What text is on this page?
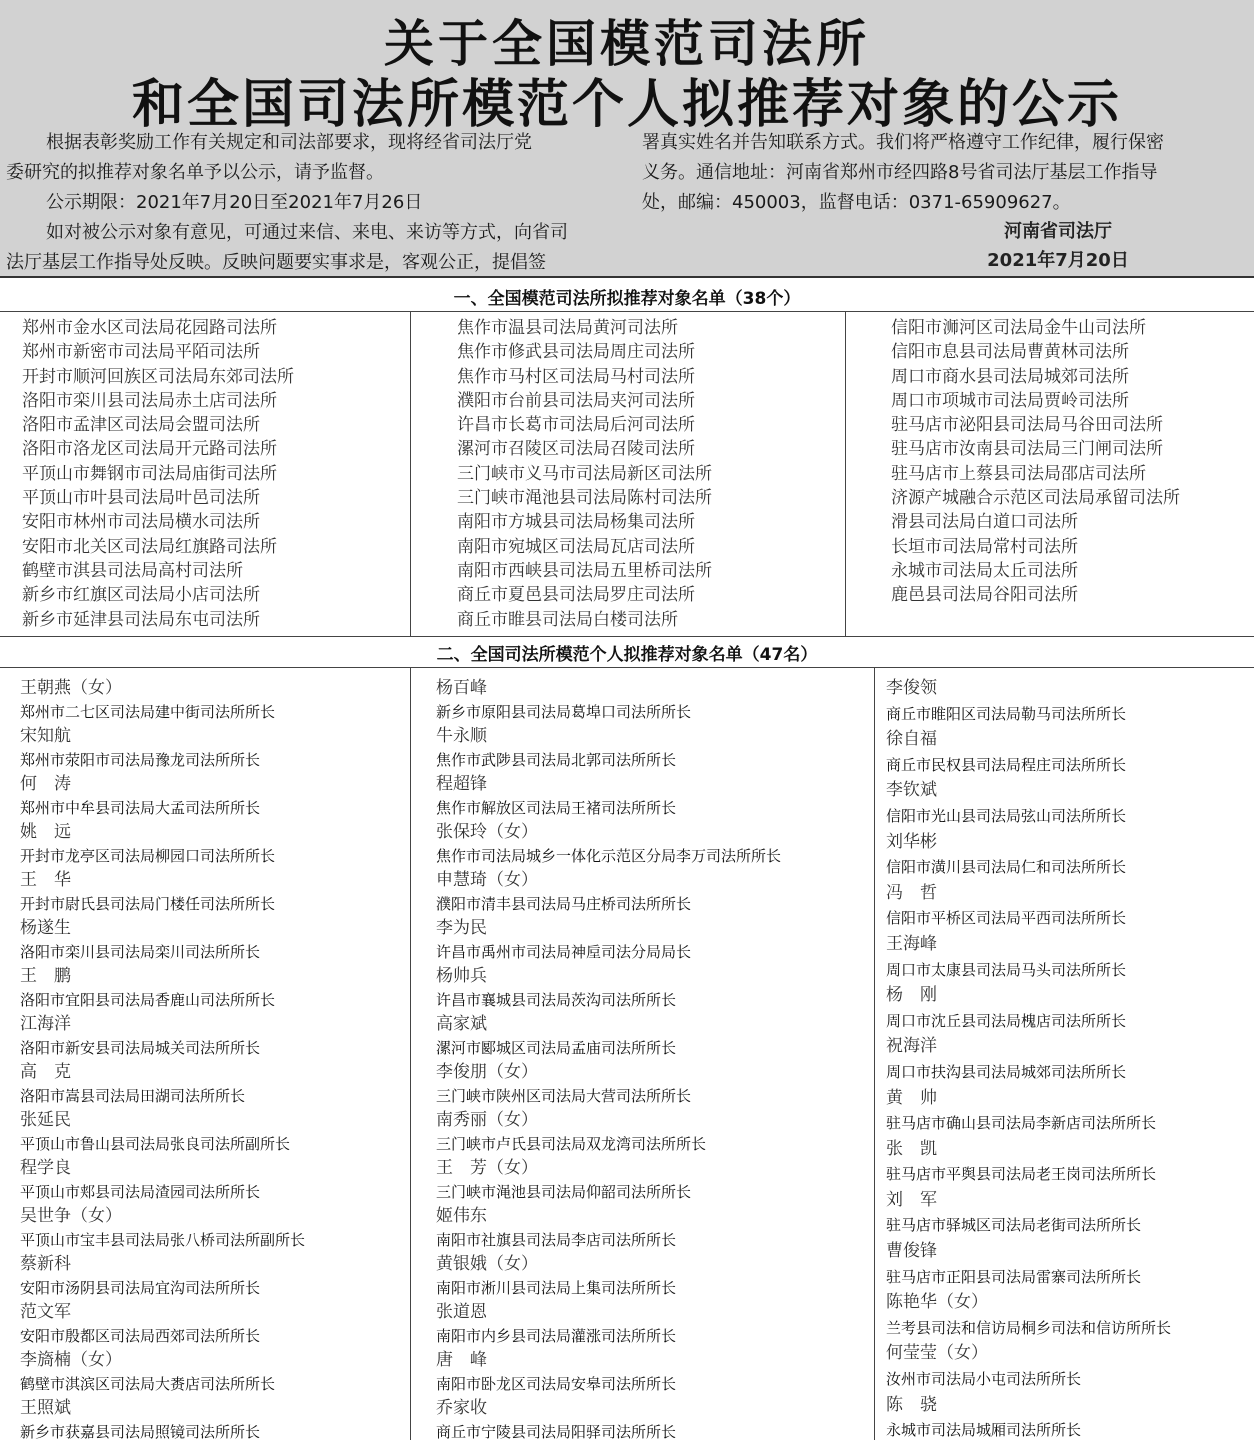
关于全国模范司法所
和全国司法所模范个人拟推荐对象的公示

根据表彰奖励工作有关规定和司法部要求，现将经省司法厅党

委研究的拟推荐对象名单予以公示，请予监督。

公示期限：2021年7月20日至2021年7月26日

如对被公示对象有意见，可通过来信、来电、来访等方式，向省司

法厅基层工作指导处反映。反映问题要实事求是，客观公正，提倡签

署真实姓名并告知联系方式。我们将严格遵守工作纪律，履行保密

义务。通信地址：河南省郑州市经四路8号省司法厅基层工作指导

处，邮编：450003，监督电话：0371-65909627。

河南省司法厅
2021年7月20日
一、全国模范司法所拟推荐对象名单（38个）
郑州市金水区司法局花园路司法所
郑州市新密市司法局平陌司法所
开封市顺河回族区司法局东郊司法所
洛阳市栾川县司法局赤土店司法所
洛阳市孟津区司法局会盟司法所
洛阳市洛龙区司法局开元路司法所
平顶山市舞钢市司法局庙街司法所
平顶山市叶县司法局叶邑司法所
安阳市林州市司法局横水司法所
安阳市北关区司法局红旗路司法所
鹤壁市淇县司法局高村司法所
新乡市红旗区司法局小店司法所
新乡市延津县司法局东屯司法所
焦作市温县司法局黄河司法所
焦作市修武县司法局周庄司法所
焦作市马村区司法局马村司法所
濮阳市台前县司法局夹河司法所
许昌市长葛市司法局后河司法所
漯河市召陵区司法局召陵司法所
三门峡市义马市司法局新区司法所
三门峡市渑池县司法局陈村司法所
南阳市方城县司法局杨集司法所
南阳市宛城区司法局瓦店司法所
南阳市西峡县司法局五里桥司法所
商丘市夏邑县司法局罗庄司法所
商丘市睢县司法局白楼司法所
信阳市浉河区司法局金牛山司法所
信阳市息县司法局曹黄林司法所
周口市商水县司法局城郊司法所
周口市项城市司法局贾岭司法所
驻马店市泌阳县司法局马谷田司法所
驻马店市汝南县司法局三门闸司法所
驻马店市上蔡县司法局邵店司法所
济源产城融合示范区司法局承留司法所
滑县司法局白道口司法所
长垣市司法局常村司法所
永城市司法局太丘司法所
鹿邑县司法局谷阳司法所
二、全国司法所模范个人拟推荐对象名单（47名）
王朝燕（女）
郑州市二七区司法局建中街司法所所长
宋知航
郑州市荥阳市司法局豫龙司法所所长
何　涛
郑州市中牟县司法局大孟司法所所长
姚　远
开封市龙亭区司法局柳园口司法所所长
王　华
开封市尉氏县司法局门楼任司法所所长
杨遂生
洛阳市栾川县司法局栾川司法所所长
王　鹏
洛阳市宜阳县司法局香鹿山司法所所长
江海洋
洛阳市新安县司法局城关司法所所长
高　克
洛阳市嵩县司法局田湖司法所所长
张延民
平顶山市鲁山县司法局张良司法所副所长
程学良
平顶山市郏县司法局渣园司法所所长
吴世争（女）
平顶山市宝丰县司法局张八桥司法所副所长
蔡新科
安阳市汤阴县司法局宜沟司法所所长
范文军
安阳市殷都区司法局西郊司法所所长
李旖楠（女）
鹤壁市淇滨区司法局大赉店司法所所长
王照斌
新乡市获嘉县司法局照镜司法所所长
杨百峰
新乡市原阳县司法局葛埠口司法所所长
牛永顺
焦作市武陟县司法局北郭司法所所长
程超锋
焦作市解放区司法局王褚司法所所长
张保玲（女）
焦作市司法局城乡一体化示范区分局李万司法所所长
申慧琦（女）
濮阳市清丰县司法局马庄桥司法所所长
李为民
许昌市禹州市司法局神垕司法分局局长
杨帅兵
许昌市襄城县司法局茨沟司法所所长
高家斌
漯河市郾城区司法局孟庙司法所所长
李俊朋（女）
三门峡市陕州区司法局大营司法所所长
南秀丽（女）
三门峡市卢氏县司法局双龙湾司法所所长
王　芳（女）
三门峡市渑池县司法局仰韶司法所所长
姬伟东
南阳市社旗县司法局李店司法所所长
黄银娥（女）
南阳市淅川县司法局上集司法所所长
张道恩
南阳市内乡县司法局灌涨司法所所长
唐　峰
南阳市卧龙区司法局安皋司法所所长
乔家收
商丘市宁陵县司法局阳驿司法所所长
李俊领
商丘市睢阳区司法局勒马司法所所长
徐自福
商丘市民权县司法局程庄司法所所长
李钦斌
信阳市光山县司法局弦山司法所所长
刘华彬
信阳市潢川县司法局仁和司法所所长
冯　哲
信阳市平桥区司法局平西司法所所长
王海峰
周口市太康县司法局马头司法所所长
杨　刚
周口市沈丘县司法局槐店司法所所长
祝海洋
周口市扶沟县司法局城郊司法所所长
黄　帅
驻马店市确山县司法局李新店司法所所长
张　凯
驻马店市平舆县司法局老王岗司法所所长
刘　军
驻马店市驿城区司法局老街司法所所长
曹俊锋
驻马店市正阳县司法局雷寨司法所所长
陈艳华（女）
兰考县司法和信访局桐乡司法和信访所所长
何莹莹（女）
汝州市司法局小屯司法所所长
陈　骁
永城市司法局城厢司法所所长
